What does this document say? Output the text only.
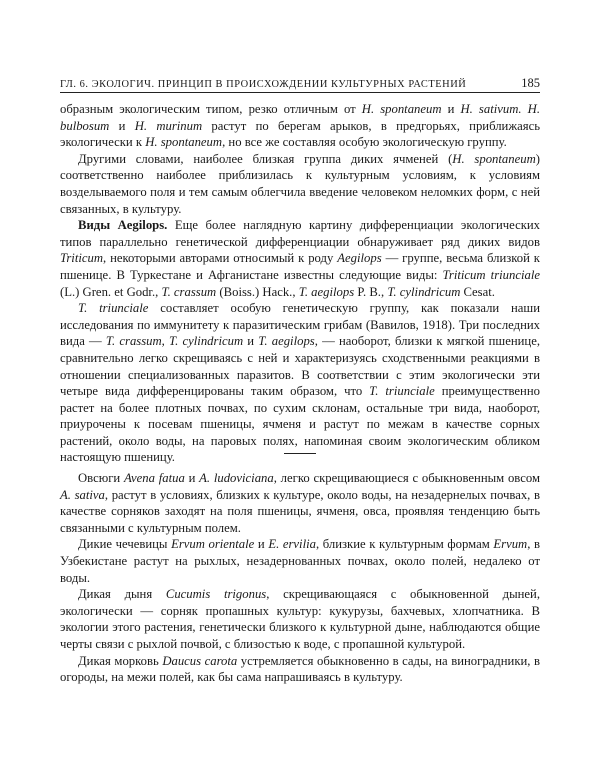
ГЛ. 6. ЭКОЛОГИЧ. ПРИНЦИП В ПРОИСХОЖДЕНИИ КУЛЬТУРНЫХ РАСТЕНИЙ	185

образным экологическим типом, резко отличным от H. spontaneum и H. sativum. H. bulbosum и H. murinum растут по берегам арыков, в предгорьях, приближаясь экологически к H. spontaneum, но все же составляя особую экологическую группу.

Другими словами, наиболее близкая группа диких ячменей (H. spontaneum) соответственно наиболее приблизилась к культурным условиям, к условиям возделываемого поля и тем самым облегчила введение человеком неломких форм, с ней связанных, в культуру.

Виды Aegilops. Еще более наглядную картину дифференциации экологических типов параллельно генетической дифференциации обнаруживает ряд диких видов Triticum, некоторыми авторами относимый к роду Aegilops — группе, весьма близкой к пшенице. В Туркестане и Афганистане известны следующие виды: Triticum triunciale (L.) Gren. et Godr., T. crassum (Boiss.) Hack., T. aegilops P. B., T. cylindricum Cesat.

T. triunciale составляет особую генетическую группу, как показали наши исследования по иммунитету к паразитическим грибам (Вавилов, 1918). Три последних вида — T. crassum, T. cylindricum и T. aegilops, — наоборот, близки к мягкой пшенице, сравнительно легко скрещиваясь с ней и характеризуясь сходственными реакциями в отношении специализованных паразитов. В соответствии с этим экологически эти четыре вида дифференцированы таким образом, что T. triunciale преимущественно растет на более плотных почвах, по сухим склонам, остальные три вида, наоборот, приурочены к посевам пшеницы, ячменя и растут по межам в качестве сорных растений, около воды, на паровых полях, напоминая своим экологическим обликом настоящую пшеницу.

Овсюги Avena fatua и A. ludoviciana, легко скрещивающиеся с обыкновенным овсом A. sativa, растут в условиях, близких к культуре, около воды, на незадернелых почвах, в качестве сорняков заходят на поля пшеницы, ячменя, овса, проявляя тенденцию быть связанными с культурным полем.

Дикие чечевицы Ervum orientale и E. ervilia, близкие к культурным формам Ervum, в Узбекистане растут на рыхлых, незадернованных почвах, около полей, недалеко от воды.

Дикая дыня Cucumis trigonus, скрещивающаяся с обыкновенной дыней, экологически — сорняк пропашных культур: кукурузы, бахчевых, хлопчатника. В экологии этого растения, генетически близкого к культурной дыне, наблюдаются общие черты связи с рыхлой почвой, с близостью к воде, с пропашной культурой.

Дикая морковь Daucus carota устремляется обыкновенно в сады, на виноградники, в огороды, на межи полей, как бы сама напрашиваясь в культуру.
